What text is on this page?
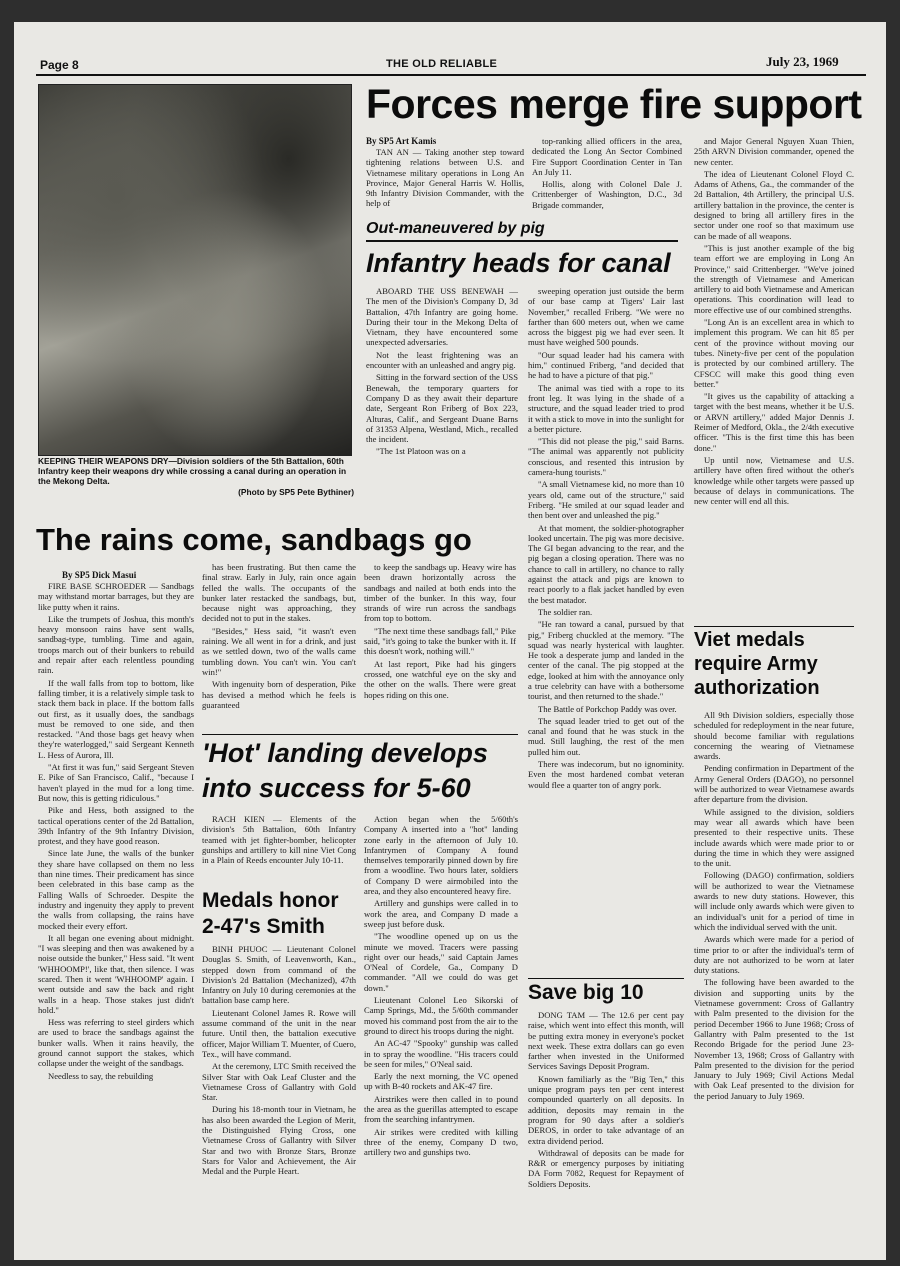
Page 8	THE OLD RELIABLE	July 23, 1969
KEEPING THEIR WEAPONS DRY—Division soldiers of the 5th Battalion, 60th Infantry keep their weapons dry while crossing a canal during an operation in the Mekong Delta.
(Photo by SP5 Pete Bythiner)
Forces merge fire support
By SP5 Art Kamis

TAN AN — Taking another step toward tightening relations between U.S. and Vietnamese military operations in Long An Province, Major General Harris W. Hollis, 9th Infantry Division Commander, with the help of

top-ranking allied officers in the area, dedicated the Long An Sector Combined Fire Support Coordination Center in Tan An July 11.

Hollis, along with Colonel Dale J. Crittenberger of Washington, D.C., 3d Brigade commander,

and Major General Nguyen Xuan Thien, 25th ARVN Division commander, opened the new center.

The idea of Lieutenant Colonel Floyd C. Adams of Athens, Ga., the commander of the 2d Battalion, 4th Artillery, the principal U.S. artillery battalion in the province, the center is designed to bring all artillery fires in the sector under one roof so that maximum use can be made of all weapons.

"This is just another example of the big team effort we are employing in Long An Province," said Crittenberger. "We've joined the strength of Vietnamese and American artillery to aid both Vietnamese and American operations. This coordination will lead to more effective use of our combined strengths.

"Long An is an excellent area in which to implement this program. We can hit 85 per cent of the province without moving our tubes. Ninety-five per cent of the population is protected by our combined artillery. The CFSCC will make this good thing even better."

"It gives us the capability of attacking a target with the best means, whether it be U.S. or ARVN artillery," added Major Dennis J. Reimer of Medford, Okla., the 2/4th executive officer. "This is the first time this has been done."

Up until now, Vietnamese and U.S. artillery have often fired without the other's knowledge while other targets were passed up because of delays in communications. The new center will end all this.

Out-maneuvered by pig
Infantry heads for canal

ABOARD THE USS BENEWAH — The men of the Division's Company D, 3d Battalion, 47th Infantry are going home. During their tour in the Mekong Delta of Vietnam, they have encountered some unexpected adversaries.

Not the least frightening was an encounter with an unleashed and angry pig.

Sitting in the forward section of the USS Benewah, the temporary quarters for Company D as they await their departure date, Sergeant Ron Friberg of Box 223, Alturas, Calif., and Sergeant Duane Barns of 31353 Alpena, Westland, Mich., recalled the incident.

"The 1st Platoon was on a

sweeping operation just outside the berm of our base camp at Tigers' Lair last November," recalled Friberg. "We were no farther than 600 meters out, when we came across the biggest pig we had ever seen. It must have weighed 500 pounds.

"Our squad leader had his camera with him," continued Friberg, "and decided that he had to have a picture of that pig."

The animal was tied with a rope to its front leg. It was lying in the shade of a structure, and the squad leader tried to prod it with a stick to move in into the sunlight for a better picture.

"This did not please the pig," said Barns. "The animal was apparently not publicity conscious, and resented this intrusion by camera-hung tourists."

"A small Vietnamese kid, no more than 10 years old, came out of the structure," said Friberg. "He smiled at our squad leader and then bent over and unleashed the pig."

At that moment, the soldier-photographer looked uncertain. The pig was more decisive. The GI began advancing to the rear, and the pig began a closing operation. There was no chance to call in artillery, no chance to rally against the attack and pigs are known to react poorly to a flak jacket handled by even the best matador.

The soldier ran.

"He ran toward a canal, pursued by that pig," Friberg chuckled at the memory. "The squad was nearly hysterical with laughter. He took a desperate jump and landed in the center of the canal. The pig stopped at the edge, looked at him with the annoyance only a true celebrity can have with a bothersome tourist, and then returned to the shade."

The Battle of Porkchop Paddy was over.

The squad leader tried to get out of the canal and found that he was stuck in the mud. Still laughing, the rest of the men pulled him out.

There was indecorum, but no ignominity. Even the most hardened combat veteran would flee a quarter ton of angry pork.

The rains come, sandbags go
By SP5 Dick Masui

FIRE BASE SCHROEDER — Sandbags may withstand mortar barrages, but they are like putty when it rains.

Like the trumpets of Joshua, this month's heavy monsoon rains have sent walls, sandbag-type, tumbling. Time and again, troops march out of their bunkers to rebuild and repair after each relentless pounding rain.

If the wall falls from top to bottom, like falling timber, it is a relatively simple task to stack them back in place. If the bottom falls out first, as it usually does, the sandbags must be removed to one side, and then restacked. "And those bags get heavy when they're waterlogged," said Sergeant Kenneth L. Hess of Aurora, Ill.

"At first it was fun," said Sergeant Steven E. Pike of San Francisco, Calif., "because I haven't played in the mud for a long time. But now, this is getting ridiculous."

Pike and Hess, both assigned to the tactical operations center of the 2d Battalion, 39th Infantry of the 9th Infantry Division, protest, and they have good reason.

Since late June, the walls of the bunker they share have collapsed on them no less than nine times. Their predicament has since been celebrated in this base camp as the Falling Walls of Schroeder. Despite the industry and ingenuity they apply to prevent the walls from collapsing, the rains have mocked their every effort.

It all began one evening about midnight. "I was sleeping and then was awakened by a noise outside the bunker," Hess said. "It went 'WHHOOMP!', like that, then silence. I was scared. Then it went 'WHHOOMP' again. I went outside and saw the back and right walls in a heap. Those stakes just didn't hold."

Hess was referring to steel girders which are used to brace the sandbags against the bunker walls. When it rains heavily, the ground cannot support the stakes, which collapse under the weight of the sandbags.

Needless to say, the rebuilding

has been frustrating. But then came the final straw. Early in July, rain once again felled the walls. The occupants of the bunker later restacked the sandbags, but, because night was approaching, they decided not to put in the stakes.

"Besides," Hess said, "it wasn't even raining. We all went in for a drink, and just as we settled down, two of the walls came tumbling down. You can't win. You can't win!"

With ingenuity born of desperation, Pike has devised a method which he feels is guaranteed

to keep the sandbags up. Heavy wire has been drawn horizontally across the sandbags and nailed at both ends into the timber of the bunker. In this way, four strands of wire run across the sandbags from top to bottom.

"The next time these sandbags fall," Pike said, "it's going to take the bunker with it. If this doesn't work, nothing will."

At last report, Pike had his gingers crossed, one watchful eye on the sky and the other on the walls. There were great hopes riding on this one.

'Hot' landing develops
into success for 5-60

RACH KIEN — Elements of the division's 5th Battalion, 60th Infantry teamed with jet fighter-bomber, helicopter gunships and artillery to kill nine Viet Cong in a Plain of Reeds encounter July 10-11.

Action began when the 5/60th's Company A inserted into a "hot" landing zone early in the afternoon of July 10. Infantrymen of Company A found themselves temporarily pinned down by fire from a woodline. Two hours later, soldiers of Company D were airmobiled into the area, and they also encountered heavy fire.

Artillery and gunships were called in to work the area, and Company D made a sweep just before dusk.

"The woodline opened up on us the minute we moved. Tracers were passing right over our heads," said Captain James O'Neal of Cordele, Ga., Company D commander. "All we could do was get down."

Lieutenant Colonel Leo Sikorski of Camp Springs, Md., the 5/60th commander moved his command post from the air to the ground to direct his troops during the night.

An AC-47 "Spooky" gunship was called in to spray the woodline. "His tracers could be seen for miles," O'Neal said.

Early the next morning, the VC opened up with B-40 rockets and AK-47 fire.

Airstrikes were then called in to pound the area as the guerillas attempted to escape from the searching infantrymen.

Air strikes were credited with killing three of the enemy, Company D two, artillery two and gunships two.

Medals honor
2-47's Smith

BINH PHUOC — Lieutenant Colonel Douglas S. Smith, of Leavenworth, Kan., stepped down from command of the Division's 2d Battalion (Mechanized), 47th Infantry on July 10 during ceremonies at the battalion base camp here.

Lieutenant Colonel James R. Rowe will assume command of the unit in the near future. Until then, the battalion executive officer, Major William T. Muenter, of Cuero, Tex., will have command.

At the ceremony, LTC Smith received the Silver Star with Oak Leaf Cluster and the Vietnamese Cross of Gallantry with Gold Star.

During his 18-month tour in Vietnam, he has also been awarded the Legion of Merit, the Distinguished Flying Cross, one Vietnamese Cross of Gallantry with Silver Star and two with Bronze Stars, Bronze Stars for Valor and Achievement, the Air Medal and the Purple Heart.

Save big 10

DONG TAM — The 12.6 per cent pay raise, which went into effect this month, will be putting extra money in everyone's pocket next week. These extra dollars can go even farther when invested in the Uniformed Services Savings Deposit Program.

Known familiarly as the "Big Ten," this unique program pays ten per cent interest compounded quarterly on all deposits. In addition, deposits may remain in the program for 90 days after a soldier's DEROS, in order to take advantage of an extra dividend period.

Withdrawal of deposits can be made for R&R or emergency purposes by initiating DA Form 7082, Request for Repayment of Soldiers Deposits.

Viet medals
require Army
authorization

All 9th Division soldiers, especially those scheduled for redeployment in the near future, should become familiar with regulations concerning the wearing of Vietnamese awards.

Pending confirmation in Department of the Army General Orders (DAGO), no personnel will be authorized to wear Vietnamese awards after departure from the division.

While assigned to the division, soldiers may wear all awards which have been presented to their respective units. These include awards which were made prior to or during the time in which they were assigned to the unit.

Following (DAGO) confirmation, soldiers will be authorized to wear the Vietnamese awards to new duty stations. However, this will include only awards which were given to an individual's unit for a period of time in which the individual served with the unit.

Awards which were made for a period of time prior to or after the individual's term of duty are not authorized to be worn at later duty stations.

The following have been awarded to the division and supporting units by the Vietnamese government: Cross of Gallantry with Palm presented to the division for the period December 1966 to June 1968; Cross of Gallantry with Palm presented to the 1st Recondo Brigade for the period June 23-November 13, 1968; Cross of Gallantry with Palm presented to the division for the period January to July 1969; Civil Actions Medal with Oak Leaf presented to the division for the period January to July 1969.
